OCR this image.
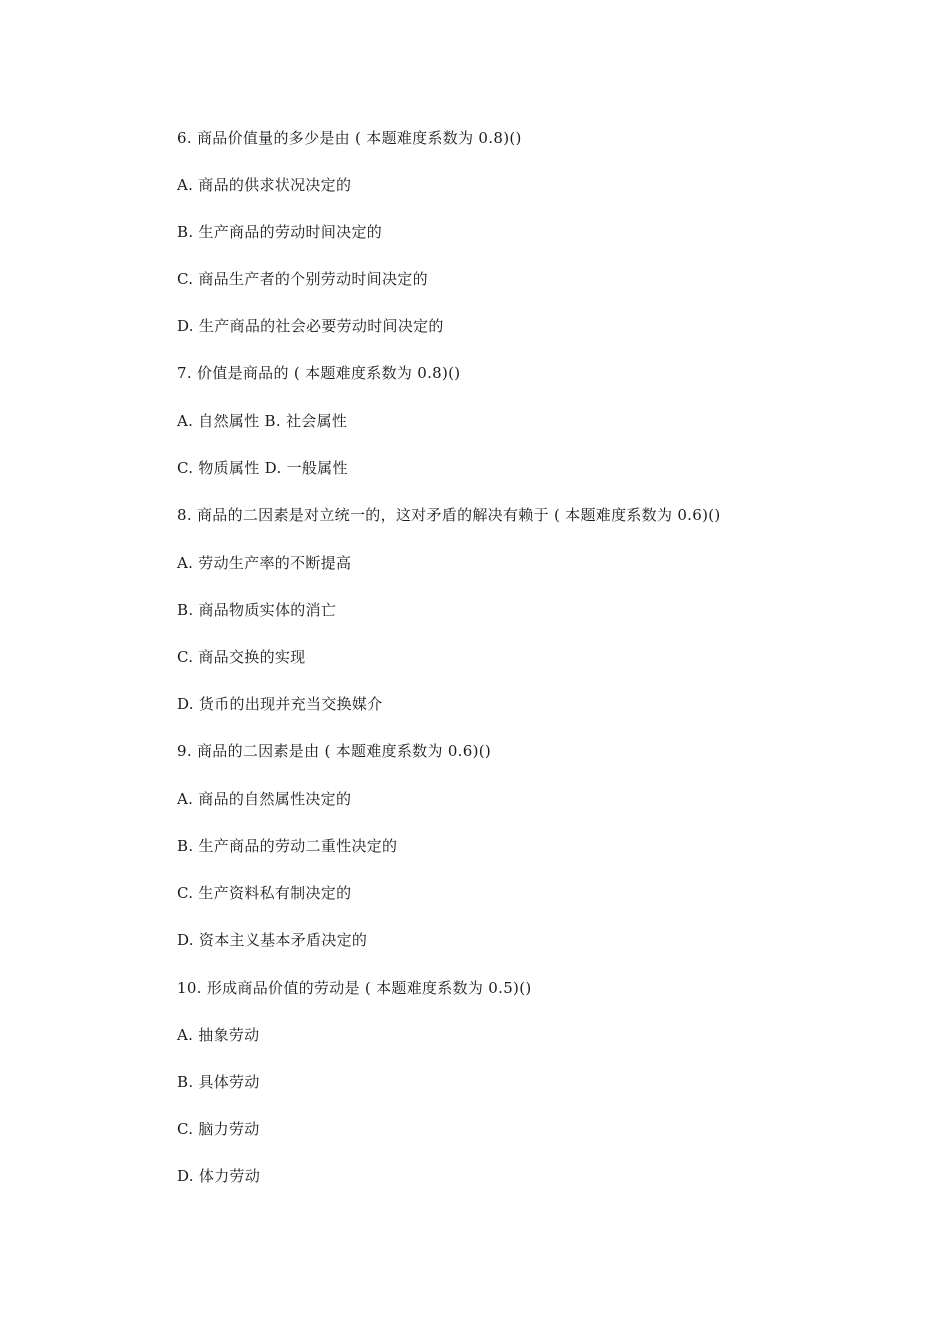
6. 商品价值量的多少是由 ( 本题难度系数为 0.8)()
A. 商品的供求状况决定的
B. 生产商品的劳动时间决定的
C. 商品生产者的个别劳动时间决定的
D. 生产商品的社会必要劳动时间决定的
7. 价值是商品的 ( 本题难度系数为 0.8)()
A. 自然属性 B. 社会属性
C. 物质属性 D. 一般属性
8. 商品的二因素是对立统一的，这对矛盾的解决有赖于 ( 本题难度系数为 0.6)()
A. 劳动生产率的不断提高
B. 商品物质实体的消亡
C. 商品交换的实现
D. 货币的出现并充当交换媒介
9. 商品的二因素是由 ( 本题难度系数为 0.6)()
A. 商品的自然属性决定的
B. 生产商品的劳动二重性决定的
C. 生产资料私有制决定的
D. 资本主义基本矛盾决定的
10. 形成商品价值的劳动是 ( 本题难度系数为 0.5)()
A. 抽象劳动
B. 具体劳动
C. 脑力劳动
D. 体力劳动
